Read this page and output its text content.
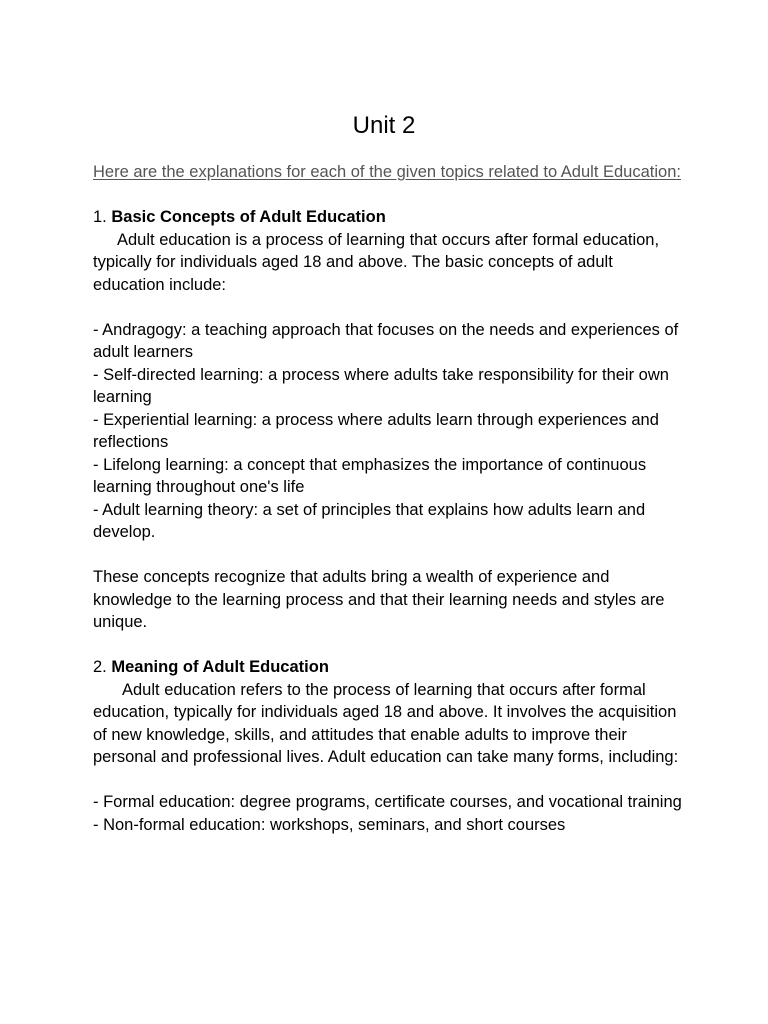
Unit 2

Here are the explanations for each of the given topics related to Adult Education:

1. Basic Concepts of Adult Education

Adult education is a process of learning that occurs after formal education, typically for individuals aged 18 and above. The basic concepts of adult education include:

- Andragogy: a teaching approach that focuses on the needs and experiences of adult learners

- Self-directed learning: a process where adults take responsibility for their own learning

- Experiential learning: a process where adults learn through experiences and reflections

- Lifelong learning: a concept that emphasizes the importance of continuous learning throughout one's life

- Adult learning theory: a set of principles that explains how adults learn and develop.

These concepts recognize that adults bring a wealth of experience and knowledge to the learning process and that their learning needs and styles are unique.

2. Meaning of Adult Education

Adult education refers to the process of learning that occurs after formal education, typically for individuals aged 18 and above. It involves the acquisition of new knowledge, skills, and attitudes that enable adults to improve their personal and professional lives. Adult education can take many forms, including:

- Formal education: degree programs, certificate courses, and vocational training

- Non-formal education: workshops, seminars, and short courses
